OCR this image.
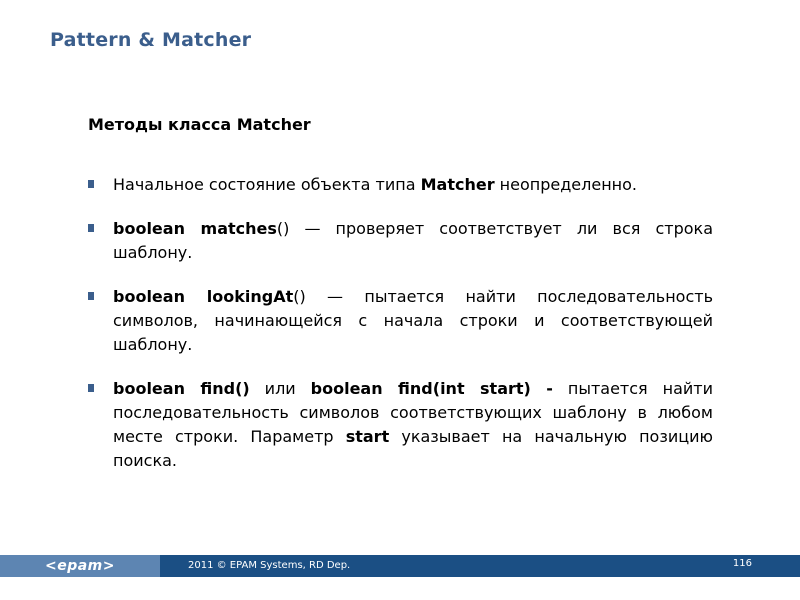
Pattern & Matcher
Методы класса Matcher
Начальное состояние объекта типа Matcher неопределенно.
boolean matches() — проверяет соответствует ли вся строка шаблону.
boolean lookingAt() — пытается найти последовательность символов, начинающейся с начала строки и соответствующей шаблону.
boolean find() или boolean find(int start) - пытается найти последовательность символов соответствующих шаблону в любом месте строки. Параметр start указывает на начальную позицию поиска.
<epam>	2011 © EPAM Systems, RD Dep.	116
